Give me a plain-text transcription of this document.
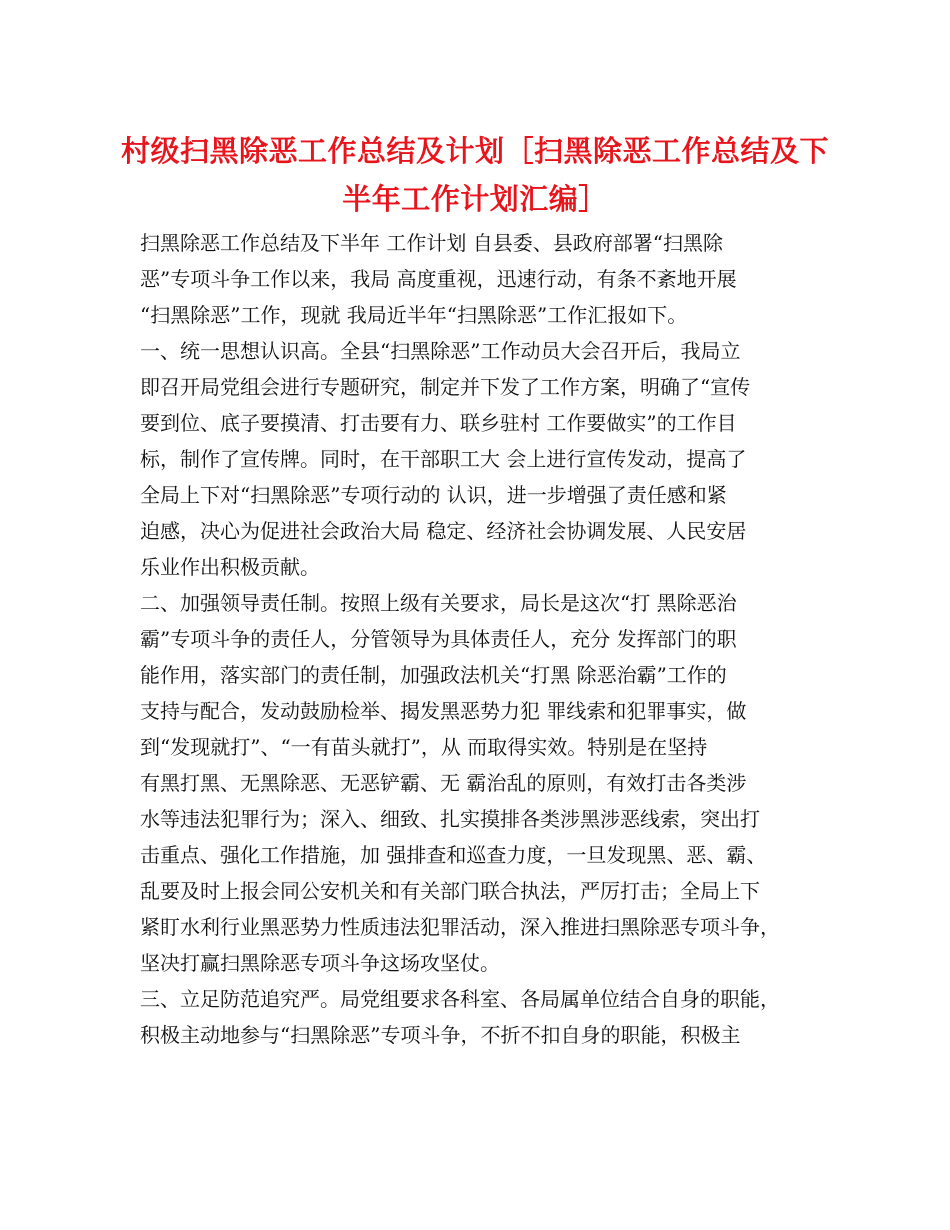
村级扫黑除恶工作总结及计划［扫黑除恶工作总结及下
半年工作计划汇编］

扫黑除恶工作总结及下半年 工作计划 自县委、县政府部署“扫黑除

恶”专项斗争工作以来，我局 高度重视，迅速行动，有条不紊地开展

“扫黑除恶”工作，现就 我局近半年“扫黑除恶”工作汇报如下。

一、统一思想认识高。全县“扫黑除恶”工作动员大会召开后，我局立

即召开局党组会进行专题研究，制定并下发了工作方案，明确了“宣传

要到位、底子要摸清、打击要有力、联乡驻村 工作要做实”的工作目

标，制作了宣传牌。同时，在干部职工大 会上进行宣传发动，提高了

全局上下对“扫黑除恶”专项行动的 认识，进一步增强了责任感和紧

迫感，决心为促进社会政治大局 稳定、经济社会协调发展、人民安居

乐业作出积极贡献。

二、加强领导责任制。按照上级有关要求，局长是这次“打 黑除恶治

霸”专项斗争的责任人，分管领导为具体责任人，充分 发挥部门的职

能作用，落实部门的责任制，加强政法机关“打黑 除恶治霸”工作的

支持与配合，发动鼓励检举、揭发黑恶势力犯 罪线索和犯罪事实，做

到“发现就打”、“一有苗头就打”，从 而取得实效。特别是在坚持

有黑打黑、无黑除恶、无恶铲霸、无 霸治乱的原则，有效打击各类涉

水等违法犯罪行为；深入、细致、扎实摸排各类涉黑涉恶线索，突出打

击重点、强化工作措施，加 强排查和巡查力度，一旦发现黑、恶、霸、

乱要及时上报会同公安机关和有关部门联合执法，严厉打击；全局上下

紧盯水利行业黑恶势力性质违法犯罪活动，深入推进扫黑除恶专项斗争，

坚决打赢扫黑除恶专项斗争这场攻坚仗。

三、立足防范追究严。局党组要求各科室、各局属单位结合自身的职能，

积极主动地参与“扫黑除恶”专项斗争，不折不扣自身的职能，积极主
